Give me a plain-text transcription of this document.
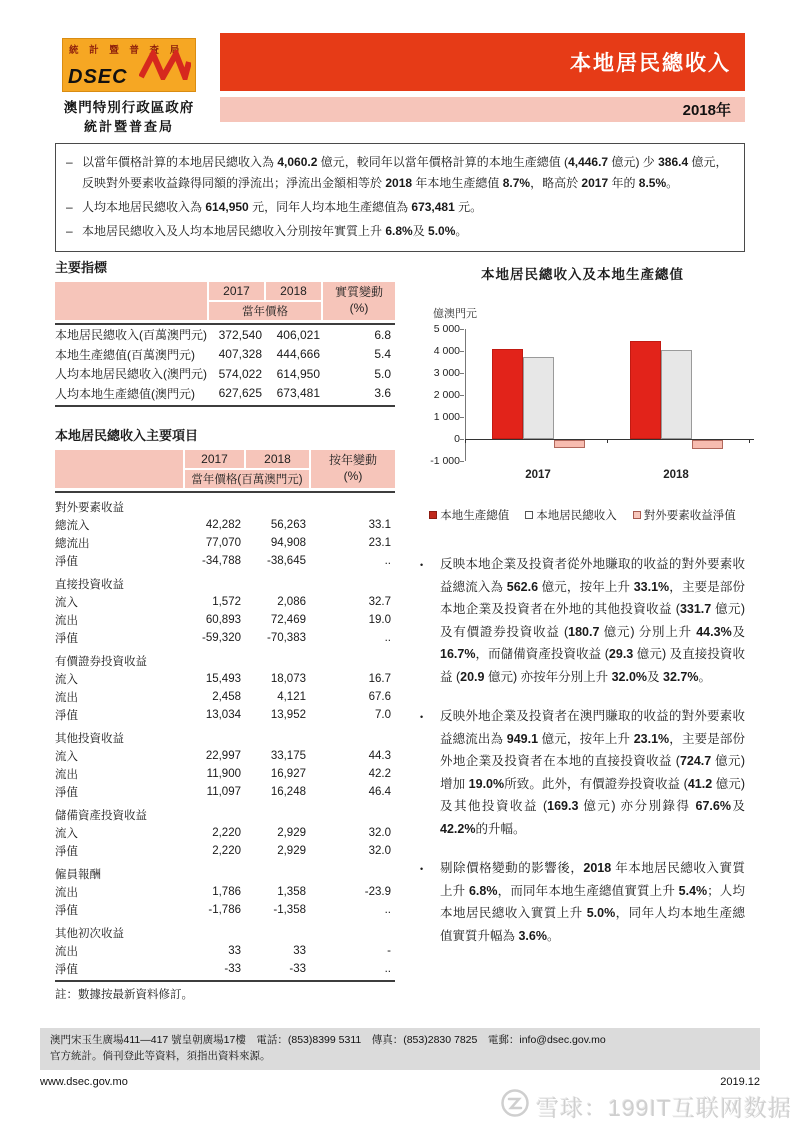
統 計 暨 普 查 局
DSEC
澳門特別行政區政府
統計暨普查局
本地居民總收入
2018年
– 以當年價格計算的本地居民總收入為 4,060.2 億元，較同年以當年價格計算的本地生產總值 (4,446.7 億元) 少 386.4 億元，反映對外要素收益錄得同額的淨流出；淨流出金額相等於 2018 年本地生產總值 8.7%，略高於 2017 年的 8.5%。
– 人均本地居民總收入為 614,950 元，同年人均本地生產總值為 673,481 元。
– 本地居民總收入及人均本地居民總收入分別按年實質上升 6.8%及 5.0%。
主要指標
2017	2018	實質變動
(%)
當年價格
本地居民總收入(百萬澳門元) 372,540	406,021	6.8
本地生產總值(百萬澳門元)	407,328	444,666	5.4
人均本地居民總收入(澳門元) 574,022	614,950	5.0
人均本地生產總值(澳門元)	627,625	673,481	3.6
本地居民總收入主要項目
2017	2018	按年變動
(%)
當年價格(百萬澳門元)
對外要素收益
總流入	42,282	56,263	33.1
總流出	77,070	94,908	23.1
淨值	-34,788	-38,645	..
直接投資收益
流入	1,572	2,086	32.7
流出	60,893	72,469	19.0
淨值	-59,320	-70,383	..
有價證券投資收益
流入	15,493	18,073	16.7
流出	2,458	4,121	67.6
淨值	13,034	13,952	7.0
其他投資收益
流入	22,997	33,175	44.3
流出	11,900	16,927	42.2
淨值	11,097	16,248	46.4
儲備資產投資收益
流入	2,220	2,929	32.0
淨值	2,220	2,929	32.0
僱員報酬
流出	1,786	1,358	-23.9
淨值	-1,786	-1,358	..
其他初次收益
流出	33	33	-
淨值	-33	-33	..
註：數據按最新資料修訂。
本地居民總收入及本地生產總值
億澳門元
5 000
4 000
3 000
2 000
1 000
0
-1 000
2017	2018
本地生產總值 本地居民總收入 對外要素收益淨值
•	反映本地企業及投資者從外地賺取的收益的對外要素收益總流入為 562.6 億元，按年上升 33.1%，主要是部份本地企業及投資者在外地的其他投資收益 (331.7 億元) 及有價證券投資收益 (180.7 億元) 分別上升 44.3%及 16.7%，而儲備資產投資收益 (29.3 億元) 及直接投資收益 (20.9 億元) 亦按年分別上升 32.0%及 32.7%。
•	反映外地企業及投資者在澳門賺取的收益的對外要素收益總流出為 949.1 億元，按年上升 23.1%，主要是部份外地企業及投資者在本地的直接投資收益 (724.7 億元) 增加 19.0%所致。此外，有價證券投資收益 (41.2 億元) 及其他投資收益 (169.3 億元) 亦分別錄得 67.6%及 42.2%的升幅。
•	剔除價格變動的影響後，2018 年本地居民總收入實質上升 6.8%，而同年本地生產總值實質上升 5.4%；人均本地居民總收入實質上升 5.0%，同年人均本地生產總值實質升幅為 3.6%。
澳門宋玉生廣場411—417 號皇朝廣場17樓　電話：(853)8399 5311　傳真：(853)2830 7825　電郵：info@dsec.gov.mo
官方統計。倘刊登此等資料，須指出資料來源。
www.dsec.gov.mo	2019.12
雪球：199IT互联网数据
